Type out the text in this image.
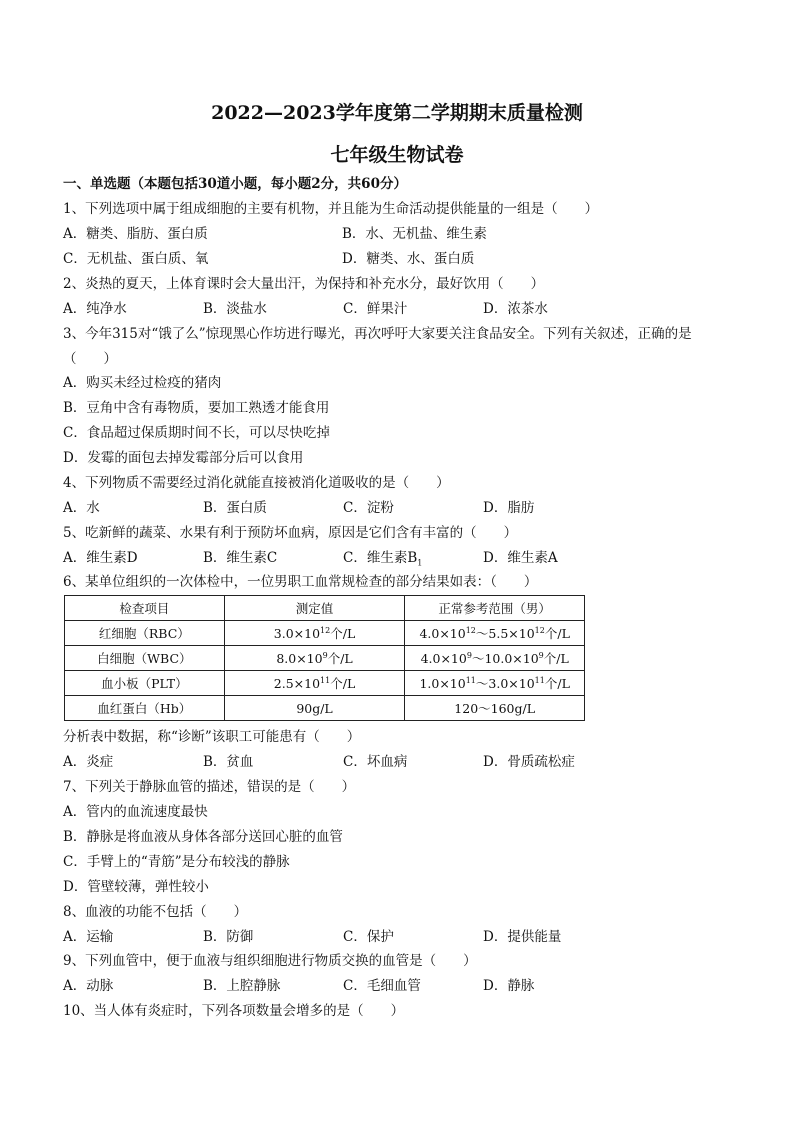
2022—2023学年度第二学期期末质量检测
七年级生物试卷
一、单选题（本题包括30道小题，每小题2分，共60分）
1、下列选项中属于组成细胞的主要有机物，并且能为生命活动提供能量的一组是（　　）
A．糖类、脂肪、蛋白质	B．水、无机盐、维生素
C．无机盐、蛋白质、氧	D．糖类、水、蛋白质
2、炎热的夏天，上体育课时会大量出汗，为保持和补充水分，最好饮用（　　）
A．纯净水	B．淡盐水	C．鲜果汁	D．浓茶水
3、今年315对“饿了么”惊现黑心作坊进行曝光，再次呼吁大家要关注食品安全。下列有关叙述，正确的是
（　　）
A．购买未经过检疫的猪肉
B．豆角中含有毒物质，要加工熟透才能食用
C．食品超过保质期时间不长，可以尽快吃掉
D．发霉的面包去掉发霉部分后可以食用
4、下列物质不需要经过消化就能直接被消化道吸收的是（　　）
A．水	B．蛋白质	C．淀粉	D．脂肪
5、吃新鲜的蔬菜、水果有利于预防坏血病，原因是它们含有丰富的（　　）
A．维生素D	B．维生素C	C．维生素$B_1$	D．维生素A
6、某单位组织的一次体检中，一位男职工血常规检查的部分结果如表：（　　）
检查项目	测定值	正常参考范围（男）
红细胞（RBC）	$3.0\times 10^{12}$个/L	$4.0\times 10^{12}\sim 5.5\times 10^{12}$个/L
白细胞（WBC）	$8.0\times 10^9$个/L	$4.0\times 10^9\sim 10.0\times 10^9$个/L
血小板（PLT）	$2.5\times 10^{11}$个/L	$1.0\times 10^{11}\sim 3.0\times 10^{11}$个/L
血红蛋白（Hb）	90g/L	120～160g/L
分析表中数据，称“诊断”该职工可能患有（　　）
A．炎症	B．贫血	C．坏血病	D．骨质疏松症
7、下列关于静脉血管的描述，错误的是（　　）
A．管内的血流速度最快
B．静脉是将血液从身体各部分送回心脏的血管
C．手臂上的“青筋”是分布较浅的静脉
D．管壁较薄，弹性较小
8、血液的功能不包括（　　）
A．运输	B．防御	C．保护	D．提供能量
9、下列血管中，便于血液与组织细胞进行物质交换的血管是（　　）
A．动脉	B．上腔静脉	C．毛细血管	D．静脉
10、当人体有炎症时，下列各项数量会增多的是（　　）
